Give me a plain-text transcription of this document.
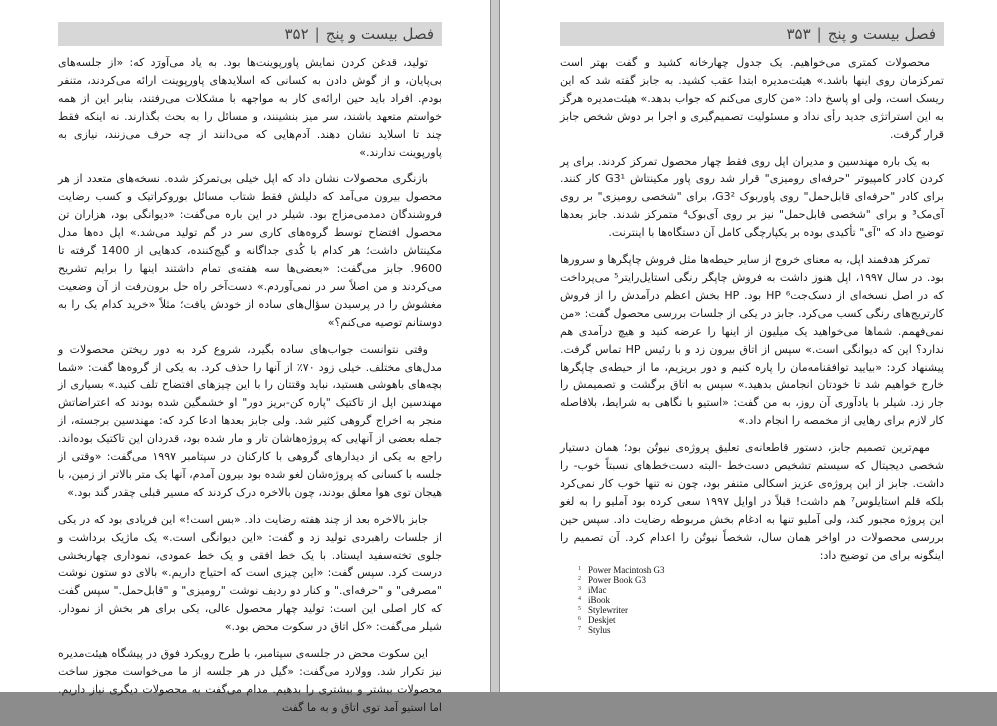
فصل بیست و پنج
|
۳۵۲

تولید، قدغن کردن نمایش پاورپوینت‌ها بود. به یاد می‌آورَد که: «از جلسه‌های بی‌پایان، و از گوش دادن به کسانی که اسلایدهای پاورپوینت ارائه می‌کردند، متنفر بودم. افراد باید حین ارائه‌ی کار به مواجهه با مشکلات می‌رفتند، بنابر این از همه خواستم متعهد باشند، سر میز بنشینند، و مسائل را به بحث بگذارند. نه اینکه فقط چند تا اسلاید نشان دهند. آدم‌هایی که می‌دانند از چه حرف می‌زنند، نیازی به پاورپوینت ندارند.»

بازنگری محصولات نشان داد که اپل خیلی بی‌تمرکز شده. نسخه‌های متعدد از هر محصول بیرون می‌آمد که دلیلش فقط شتاب مسائل بوروکراتیک و کسب رضایت فروشندگان دمدمی‌مزاج بود. شیلر در این باره می‌گفت: «دیوانگی بود، هزاران تن محصول افتضاح توسط گروه‌های کاری سر در گم تولید می‌شد.» اپل ده‌ها مدل مکینتاش داشت؛ هر کدام با کُدی جداگانه و گیج‌کننده، کدهایی از 1400 گرفته تا 9600. جابز می‌گفت: «بعضی‌ها سه هفته‌ی تمام داشتند اینها را برایم تشریح می‌کردند و من اصلاً سر در نمی‌آوردم.» دست‌آخر راه حل برون‌رفت از آن وضعیت مغشوش را در پرسیدن سؤال‌های ساده از خودش یافت؛ مثلاً «خرید کدام یک را به دوستانم توصیه می‌کنم؟»

وقتی نتوانست جواب‌های ساده بگیرد، شروع کرد به دور ریختن محصولات و مدل‌های مختلف. خیلی زود ۷۰٪ از آنها را حذف کرد. به یکی از گروه‌ها گفت: «شما بچه‌های باهوشی هستید، نباید وقتتان را با این چیزهای افتضاح تلف کنید.» بسیاری از مهندسین اپل از تاکتیک "پاره کن-بریز دور" او خشمگین شده بودند که اعتراضاتش منجر به اخراج گروهی کثیر شد. ولی جابز بعدها ادعا کرد که: مهندسین برجسته، از جمله بعضی از آنهایی که پروژه‌هاشان تار و مار شده بود، قدردان این تاکتیک بوده‌اند. راجع به یکی از دیدارهای گروهی با کارکنان در سپتامبر ۱۹۹۷ می‌گفت: «وقتی از جلسه با کسانی که پروژه‌شان لغو شده بود بیرون آمدم، آنها یک متر بالاتر از زمین، با هیجان توی هوا معلق بودند، چون بالاخره درک کردند که مسیر قبلی چقدر گند بود.»

جابز بالاخره بعد از چند هفته رضایت داد. «بس است!» این فریادی بود که در یکی از جلسات راهبردی تولید زد و گفت: «این دیوانگی است.» یک ماژیک برداشت و جلوی تخته‌سفید ایستاد. با یک خط افقی و یک خط عمودی، نموداری چهاربخشی درست کرد. سپس گفت: «این چیزی است که احتیاج داریم.» بالای دو ستون نوشت "مصرفی" و "حرفه‌ای." و کنار دو ردیف نوشت "رومیزی" و "قابل‌حمل." سپس گفت که کار اصلی این است: تولید چهار محصول عالی، یکی برای هر بخش از نمودار. شیلر می‌گفت: «کل اتاق در سکوت محض بود.»

این سکوت محض در جلسه‌ی سپتامبر، با طرح رویکرد فوق در پیشگاه هیئت‌مدیره نیز تکرار شد. وولارد می‌گفت: «گیل در هر جلسه از ما می‌خواست مجوز ساخت محصولات بیشتر و بیشتری را بدهیم. مدام می‌گفت به محصولات دیگری نیاز داریم. اما استیو آمد توی اتاق و به ما گفت

فصل بیست و پنج
|
۳۵۳

محصولات کمتری می‌خواهیم. یک جدول چهارخانه کشید و گفت بهتر است تمرکزمان روی اینها باشد.» هیئت‌مدیره ابتدا عقب کشید. به جابز گفته شد که این ریسک است، ولی او پاسخ داد: «من کاری می‌کنم که جواب بدهد.» هیئت‌مدیره هرگز به این استراتژی جدید رأی نداد و مسئولیت تصمیم‌گیری و اجرا بر دوش شخص جابز قرار گرفت.

به یک باره مهندسین و مدیران اپل روی فقط چهار محصول تمرکز کردند. برای پر کردن کادر کامپیوتر "حرفه‌ای رومیزی" قرار شد روی پاور مکینتاش G3¹ کار کنند. برای کادر "حرفه‌ای قابل‌حمل" روی پاوربوک G3²، برای "شخصی رومیزی" بر روی آی‌مک³ و برای "شخصی قابل‌حمل" نیز بر روی آی‌بوک⁴ متمرکز شدند. جابز بعدها توضیح داد که "آی" تأکیدی بوده بر یکپارچگی کامل آن دستگاه‌ها با اینترنت.

تمرکز هدفمند اپل، به معنای خروج از سایر حیطه‌ها مثل فروش چاپگرها و سرورها بود. در سال ۱۹۹۷، اپل هنوز داشت به فروش چاپگر رنگی استایل‌رایتر⁵ می‌پرداخت که در اصل نسخه‌ای از دسک‌جت⁶ HP بود. HP بخش اعظم درآمدش را از فروش کارتریج‌های رنگی کسب می‌کرد. جابز در یکی از جلسات بررسی محصول گفت: «من نمی‌فهمم. شماها می‌خواهید یک میلیون از اینها را عرضه کنید و هیچ درآمدی هم ندارد؟ این که دیوانگی است.» سپس از اتاق بیرون زد و با رئیس HP تماس گرفت. پیشنهاد کرد: «بیایید توافقنامه‌مان را پاره کنیم و دور بریزیم، ما از حیطه‌ی چاپگرها خارج خواهیم شد تا خودتان انجامش بدهید.» سپس به اتاق برگشت و تصمیمش را جار زد. شیلر با یادآوری آن روز، به من گفت: «استیو با نگاهی به شرایط، بلافاصله کار لازم برای رهایی از مخمصه را انجام داد.»

مهم‌ترین تصمیم جابز، دستور قاطعانه‌ی تعلیق پروژه‌ی نیوتُن بود؛ همان دستیار شخصی دیجیتال که سیستم تشخیص دست‌خط -البته دست‌خط‌های نسبتاً خوب- را داشت. جابز از این پروژه‌ی عزیز اسکالی متنفر بود، چون نه تنها خوب کار نمی‌کرد بلکه قلم استایلوس⁷ هم داشت! قبلاً در اوایل ۱۹۹۷ سعی کرده بود آملیو را به لغو این پروژه مجبور کند، ولی آملیو تنها به ادغام بخش مربوطه رضایت داد. سپس حین بررسی محصولات در اواخر همان سال، شخصاً نیوتُن را اعدام کرد. آن تصمیم را اینگونه برای من توضیح داد:

1 Power Macintosh G3
2 Power Book G3
3 iMac
4 iBook
5 Stylewriter
6 Deskjet
7 Stylus
